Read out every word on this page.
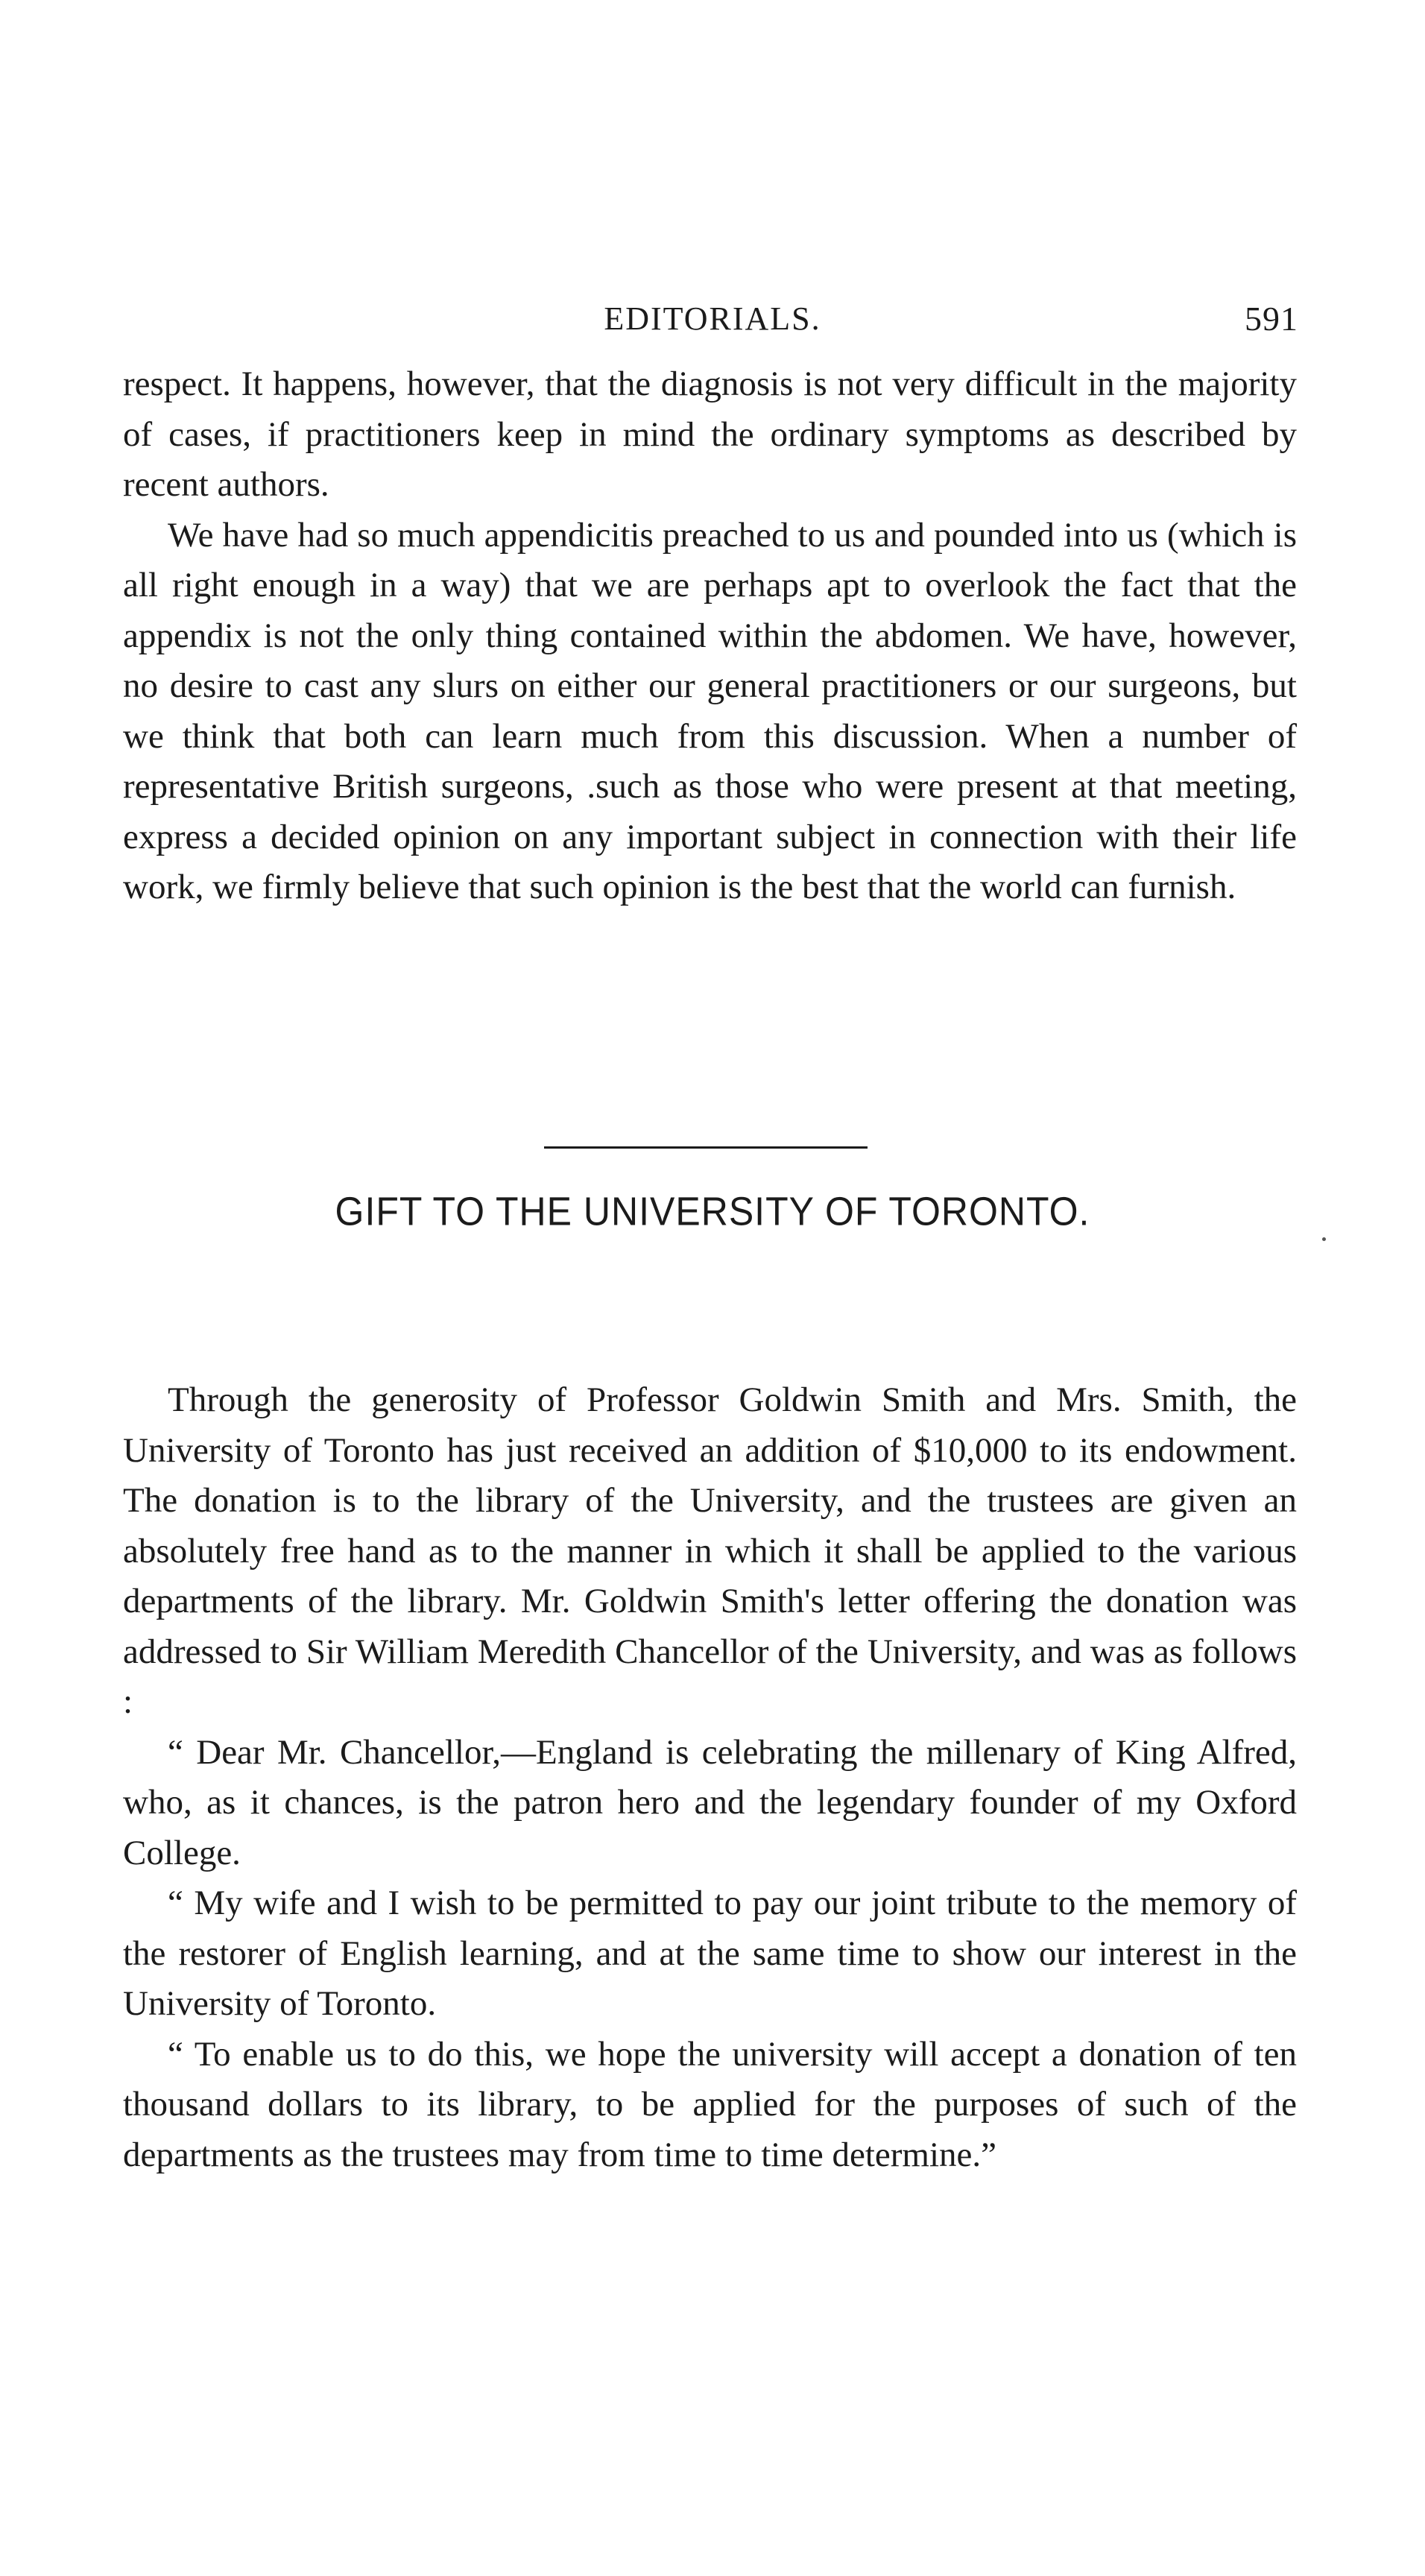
EDITORIALS.	591

respect. It happens, however, that the diagnosis is not very difficult in the majority of cases, if practitioners keep in mind the ordinary symptoms as described by recent authors.

We have had so much appendicitis preached to us and pounded into us (which is all right enough in a way) that we are perhaps apt to overlook the fact that the appendix is not the only thing contained within the abdomen. We have, however, no desire to cast any slurs on either our general practitioners or our surgeons, but we think that both can learn much from this discussion. When a number of representative British surgeons, .such as those who were present at that meeting, express a decided opinion on any important subject in connection with their life work, we firmly believe that such opinion is the best that the world can furnish.

GIFT TO THE UNIVERSITY OF TORONTO.

Through the generosity of Professor Goldwin Smith and Mrs. Smith, the University of Toronto has just received an addition of $10,000 to its endowment. The donation is to the library of the University, and the trustees are given an absolutely free hand as to the manner in which it shall be applied to the various departments of the library. Mr. Goldwin Smith's letter offering the donation was addressed to Sir William Meredith Chancellor of the University, and was as follows :

“ Dear Mr. Chancellor,—England is celebrating the millenary of King Alfred, who, as it chances, is the patron hero and the legendary founder of my Oxford College.

“ My wife and I wish to be permitted to pay our joint tribute to the memory of the restorer of English learning, and at the same time to show our interest in the University of Toronto.

“ To enable us to do this, we hope the university will accept a donation of ten thousand dollars to its library, to be applied for the purposes of such of the departments as the trustees may from time to time determine.”
